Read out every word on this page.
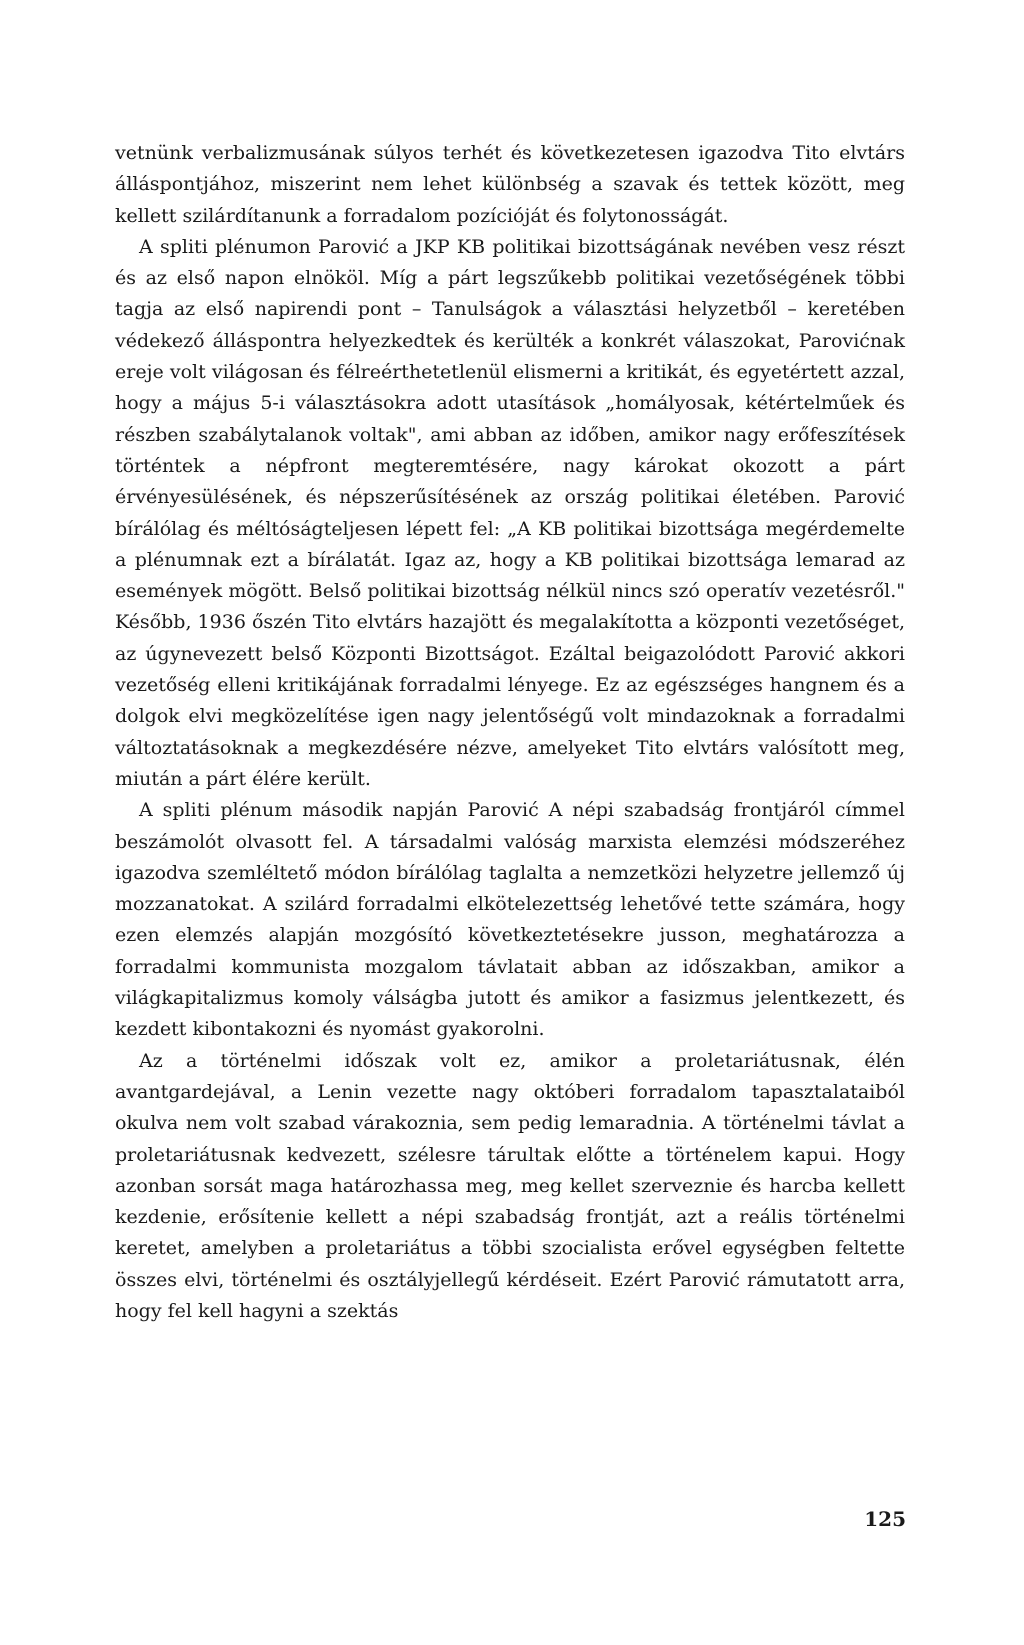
vetnünk verbalizmusának súlyos terhét és következetesen igazodva Tito elvtárs álláspontjához, miszerint nem lehet különbség a szavak és tettek között, meg kellett szilárdítanunk a forradalom pozícióját és folytonosságát.

A spliti plénumon Parović a JKP KB politikai bizottságának nevében vesz részt és az első napon elnököl. Míg a párt legszűkebb politikai vezetőségének többi tagja az első napirendi pont – Tanulságok a választási helyzetből – keretében védekező álláspontra helyezkedtek és kerülték a konkrét válaszokat, Parovićnak ereje volt világosan és félreérthetetlenül elismerni a kritikát, és egyetértett azzal, hogy a május 5-i választásokra adott utasítások „homályosak, kétértelműek és részben szabálytalanok voltak", ami abban az időben, amikor nagy erőfeszítések történtek a népfront megteremtésére, nagy károkat okozott a párt érvényesülésének, és népszerűsítésének az ország politikai életében. Parović bírálólag és méltóságteljesen lépett fel: „A KB politikai bizottsága megérdemelte a plénumnak ezt a bírálatát. Igaz az, hogy a KB politikai bizottsága lemarad az események mögött. Belső politikai bizottság nélkül nincs szó operatív vezetésről." Később, 1936 őszén Tito elvtárs hazajött és megalakította a központi vezetőséget, az úgynevezett belső Központi Bizottságot. Ezáltal beigazolódott Parović akkori vezetőség elleni kritikájának forradalmi lényege. Ez az egészséges hangnem és a dolgok elvi megközelítése igen nagy jelentőségű volt mindazoknak a forradalmi változtatásoknak a megkezdésére nézve, amelyeket Tito elvtárs valósított meg, miután a párt élére került.

A spliti plénum második napján Parović A népi szabadság frontjáról címmel beszámolót olvasott fel. A társadalmi valóság marxista elemzési módszeréhez igazodva szemléltető módon bírálólag taglalta a nemzetközi helyzetre jellemző új mozzanatokat. A szilárd forradalmi elkötelezettség lehetővé tette számára, hogy ezen elemzés alapján mozgósító következtetésekre jusson, meghatározza a forradalmi kommunista mozgalom távlatait abban az időszakban, amikor a világkapitalizmus komoly válságba jutott és amikor a fasizmus jelentkezett, és kezdett kibontakozni és nyomást gyakorolni.

Az a történelmi időszak volt ez, amikor a proletariátusnak, élén avantgardejával, a Lenin vezette nagy októberi forradalom tapasztalataiból okulva nem volt szabad várakoznia, sem pedig lemaradnia. A történelmi távlat a proletariátusnak kedvezett, szélesre tárultak előtte a történelem kapui. Hogy azonban sorsát maga határozhassa meg, meg kellet szerveznie és harcba kellett kezdenie, erősítenie kellett a népi szabadság frontját, azt a reális történelmi keretet, amelyben a proletariátus a többi szocialista erővel egységben feltette összes elvi, történelmi és osztályjellegű kérdéseit. Ezért Parović rámutatott arra, hogy fel kell hagyni a szektás

125
